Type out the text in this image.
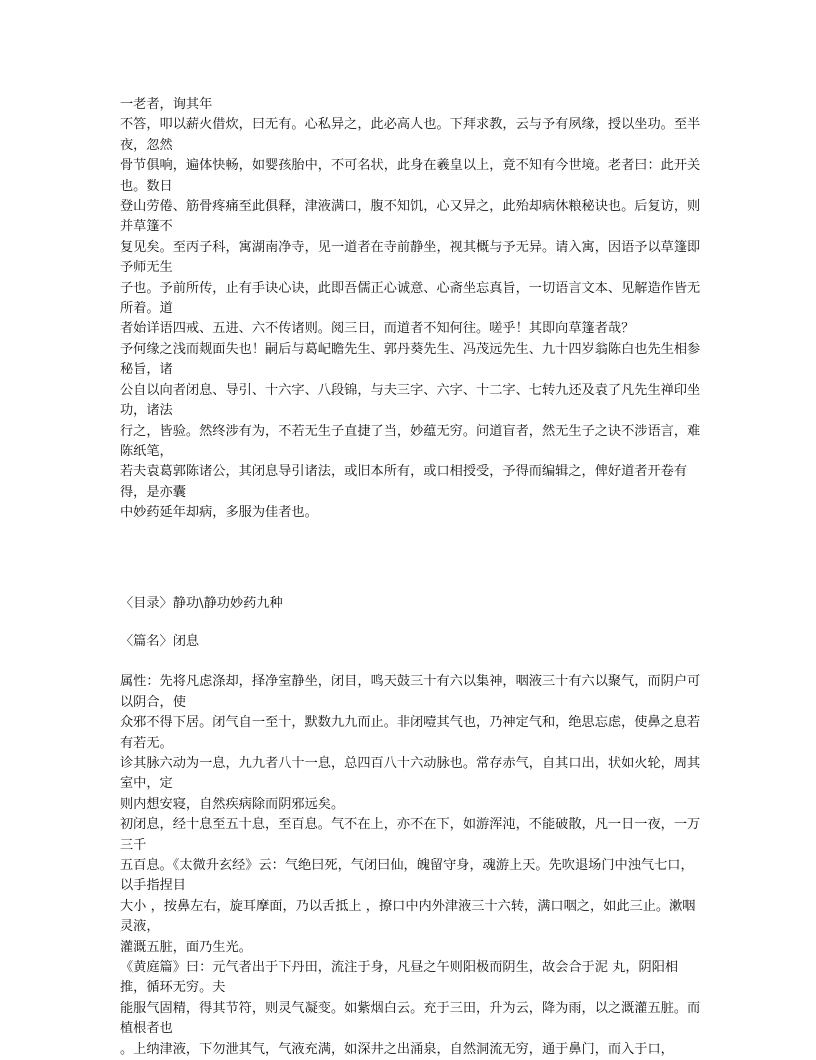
一老者，询其年

不答，叩以薪火借炊，曰无有。心私异之，此必高人也。下拜求教，云与予有夙缘，授以坐功。至半夜，忽然

骨节俱响，遍体快畅，如婴孩胎中，不可名状，此身在羲皇以上，竟不知有今世境。老者曰：此开关也。数日

登山劳倦、筋骨疼痛至此俱释，津液满口，腹不知饥，心又异之，此殆却病休粮秘诀也。后复访，则并草篷不

复见矣。至丙子科，寓湖南净寺，见一道者在寺前静坐，视其概与予无异。请入寓，因语予以草篷即予师无生

子也。予前所传，止有手诀心诀，此即吾儒正心诚意、心斋坐忘真旨，一切语言文本、见解造作皆无所着。道

者始详语四戒、五进、六不传诸则。阅三日，而道者不知何往。嗟乎！其即向草篷者哉？

予何缘之浅而觌面失也！嗣后与葛屺瞻先生、郭丹葵先生、冯茂远先生、九十四岁翁陈白也先生相参秘旨，诸

公自以向者闭息、导引、十六字、八段锦，与夫三字、六字、十二字、七转九还及袁了凡先生禅印坐功，诸法

行之，皆验。然终涉有为，不若无生子直捷了当，妙蕴无穷。问道盲者，然无生子之诀不涉语言，难陈纸笔，

若夫袁葛郭陈诸公，其闭息导引诸法，或旧本所有，或口相授受，予得而编辑之，俾好道者开卷有得，是亦囊

中妙药延年却病，多服为佳者也。

〈目录〉静功\静功妙药九种

〈篇名〉闭息

属性：先将凡虑涤却，择净室静坐，闭目，鸣天鼓三十有六以集神，咽液三十有六以聚气，而阴户可以阴合，使

众邪不得下居。闭气自一至十，默数九九而止。非闭噎其气也，乃神定气和，绝思忘虑，使鼻之息若有若无。

诊其脉六动为一息，九九者八十一息，总四百八十六动脉也。常存赤气，自其口出，状如火轮，周其室中，定

则内想安寝，自然疾病除而阴邪远矣。

初闭息，经十息至五十息，至百息。气不在上，亦不在下，如游浑沌，不能破散，凡一日一夜，一万三千

五百息。《太微升玄经》云：气绝曰死，气闭曰仙，魄留守身，魂游上天。先吹退场门中浊气七口，以手指捏目

大小 ，按鼻左右，旋耳摩面，乃以舌抵上 ，撩口中内外津液三十六转，满口咽之，如此三止。漱咽灵液，

灌溉五脏，面乃生光。

《黄庭篇》曰：元气者出于下丹田，流注于身，凡昼之午则阳极而阴生，故会合于泥 丸，阴阳相推，循环无穷。夫

能服气固精，得其节符，则灵气凝变。如紫烟白云。充于三田，升为云，降为雨，以之溉灌五脏。而植根者也

。上纳津液，下勿泄其气，气液充满，如深井之出涌泉，自然洞流无穷，通于鼻门，而入于口，
